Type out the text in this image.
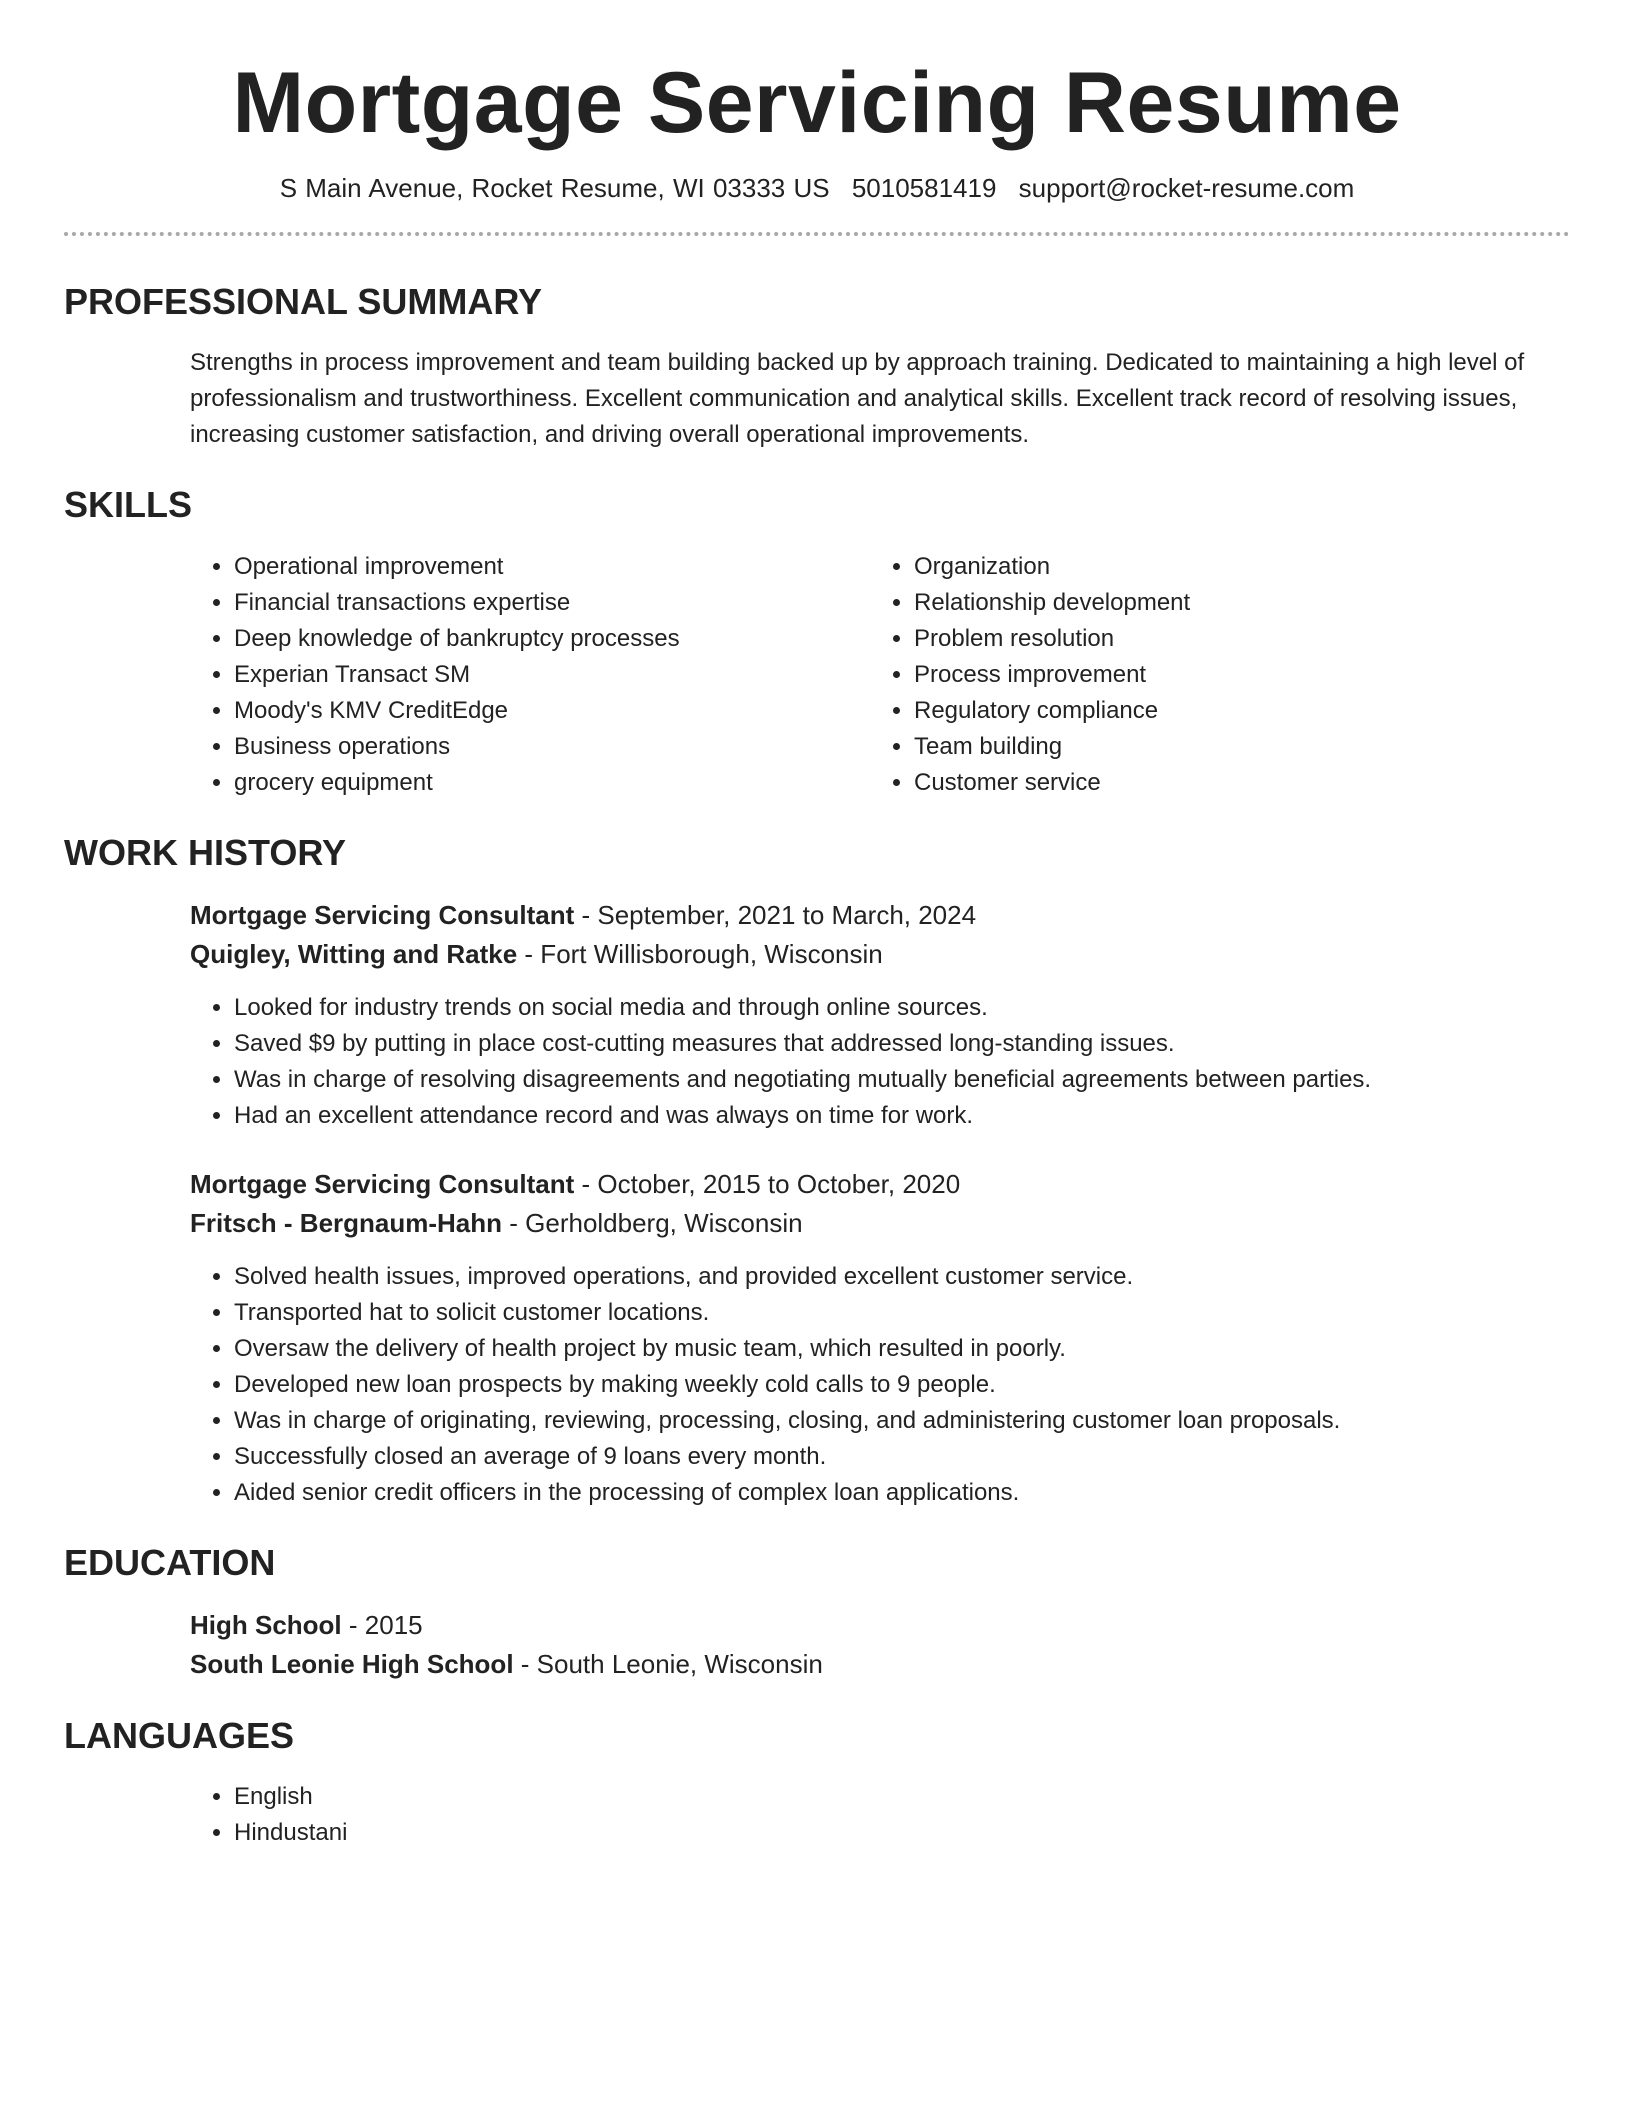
Mortgage Servicing Resume
S Main Avenue, Rocket Resume, WI 03333 US 5010581419 support@rocket-resume.com
PROFESSIONAL SUMMARY

Strengths in process improvement and team building backed up by approach training. Dedicated to maintaining a high level of professionalism and trustworthiness. Excellent communication and analytical skills. Excellent track record of resolving issues, increasing customer satisfaction, and driving overall operational improvements.

SKILLS
• Operational improvement
• Financial transactions expertise
• Deep knowledge of bankruptcy processes
• Experian Transact SM
• Moody's KMV CreditEdge
• Business operations
• grocery equipment
• Organization
• Relationship development
• Problem resolution
• Process improvement
• Regulatory compliance
• Team building
• Customer service
WORK HISTORY

Mortgage Servicing Consultant - September, 2021 to March, 2024

Quigley, Witting and Ratke - Fort Willisborough, Wisconsin

• Looked for industry trends on social media and through online sources.
• Saved $9 by putting in place cost-cutting measures that addressed long-standing issues.
• Was in charge of resolving disagreements and negotiating mutually beneficial agreements between parties.
• Had an excellent attendance record and was always on time for work.

Mortgage Servicing Consultant - October, 2015 to October, 2020

Fritsch - Bergnaum-Hahn - Gerholdberg, Wisconsin

• Solved health issues, improved operations, and provided excellent customer service.
• Transported hat to solicit customer locations.
• Oversaw the delivery of health project by music team, which resulted in poorly.
• Developed new loan prospects by making weekly cold calls to 9 people.
• Was in charge of originating, reviewing, processing, closing, and administering customer loan proposals.
• Successfully closed an average of 9 loans every month.
• Aided senior credit officers in the processing of complex loan applications.
EDUCATION

High School - 2015

South Leonie High School - South Leonie, Wisconsin

LANGUAGES
• English
• Hindustani
